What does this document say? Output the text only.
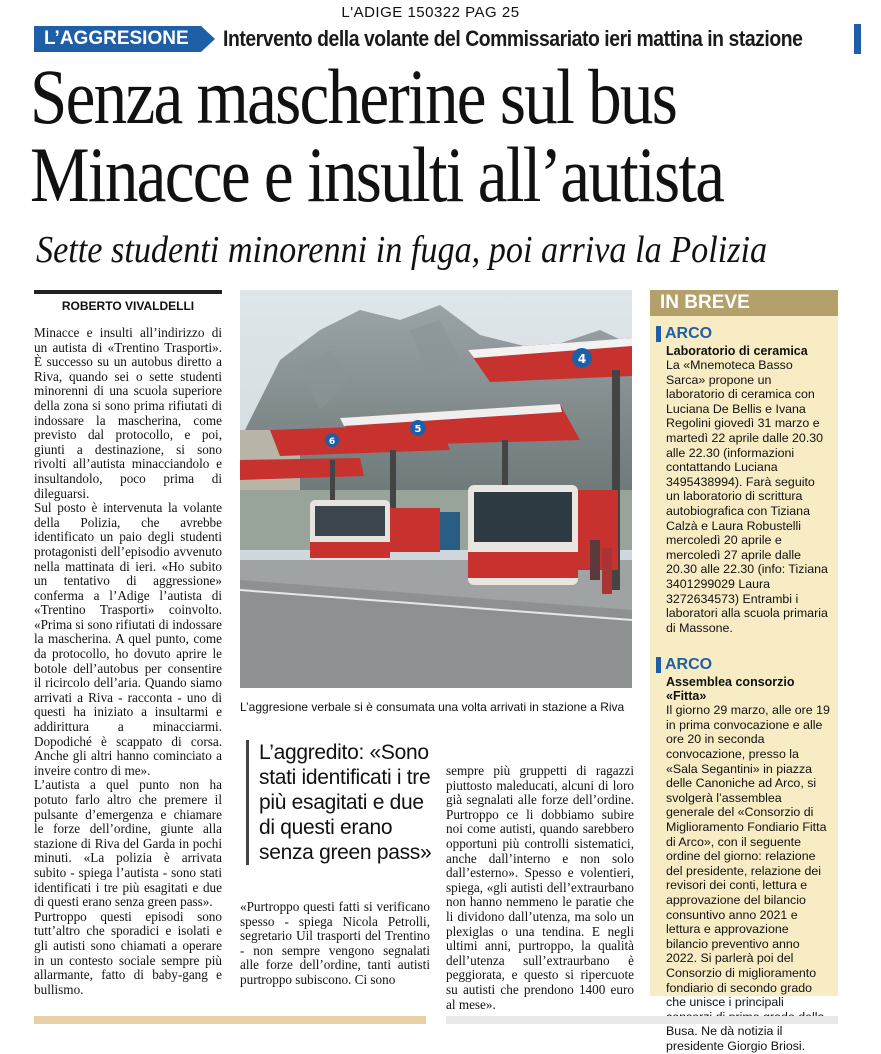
L'ADIGE 150322 PAG 25
L’AGGRESIONE	Intervento della volante del Commissariato ieri mattina in stazione
Senza mascherine sul bus
Minacce e insulti all’autista
Sette studenti minorenni in fuga, poi arriva la Polizia
ROBERTO VIVALDELLI

Minacce e insulti all’indirizzo di un autista di «Trentino Trasporti». È successo su un autobus diretto a Riva, quando sei o sette studenti minorenni di una scuola superiore della zona si sono prima rifiutati di indossare la mascherina, come previsto dal protocollo, e poi, giunti a destinazione, si sono rivolti all’autista minacciandolo e insultandolo, poco prima di dileguarsi.

Sul posto è intervenuta la volante della Polizia, che avrebbe identificato un paio degli studenti protagonisti dell’episodio avvenuto nella mattinata di ieri. «Ho subito un tentativo di aggressione» conferma a l’Adige l’autista di «Trentino Trasporti» coinvolto. «Prima si sono rifiutati di indossare la mascherina. A quel punto, come da protocollo, ho dovuto aprire le botole dell’autobus per consentire il ricircolo dell’aria. Quando siamo arrivati a Riva - racconta - uno di questi ha iniziato a insultarmi e addirittura a minacciarmi. Dopodiché è scappato di corsa. Anche gli altri hanno cominciato a inveire contro di me».

L’autista a quel punto non ha potuto farlo altro che premere il pulsante d’emergenza e chiamare le forze dell’ordine, giunte alla stazione di Riva del Garda in pochi minuti. «La polizia è arrivata subito - spiega l’autista - sono stati identificati i tre più esagitati e due di questi erano senza green pass».

Purtroppo questi episodi sono tutt’altro che sporadici e isolati e gli autisti sono chiamati a operare in un contesto sociale sempre più allarmante, fatto di baby-gang e bullismo.

4
5
6
L’aggresione verbale si è consumata una volta arrivati in stazione a Riva
L’aggredito: «Sono stati identificati i tre più esagitati e due di questi erano senza green pass»

«Purtroppo questi fatti si verificano spesso - spiega Nicola Petrolli, segretario Uil trasporti del Trentino - non sempre vengono segnalati alle forze dell’ordine, tanti autisti purtroppo subiscono. Ci sono

sempre più gruppetti di ragazzi piuttosto maleducati, alcuni di loro già segnalati alle forze dell’ordine. Purtroppo ce li dobbiamo subire noi come autisti, quando sarebbero opportuni più controlli sistematici, anche dall’interno e non solo dall’esterno». Spesso e volentieri, spiega, «gli autisti dell’extraurbano non hanno nemmeno le paratie che li dividono dall’utenza, ma solo un plexiglas o una tendina. E negli ultimi anni, purtroppo, la qualità dell’utenza sull’extraurbano è peggiorata, e questo si ripercuote su autisti che prendono 1400 euro al mese».

IN BREVE
ARCO
Laboratorio di ceramica
La «Mnemoteca Basso Sarca» propone un laboratorio di ceramica con Luciana De Bellis e Ivana Regolini giovedì 31 marzo e martedì 22 aprile dalle 20.30 alle 22.30 (informazioni contattando Luciana 3495438994). Farà seguito un laboratorio di scrittura autobiografica con Tiziana Calzà e Laura Robustelli mercoledì 20 aprile e mercoledì 27 aprile dalle 20.30 alle 22.30 (info: Tiziana 3401299029 Laura 3272634573) Entrambi i laboratori alla scuola primaria di Massone.
ARCO
Assemblea consorzio «Fitta»
Il giorno 29 marzo, alle ore 19 in prima convocazione e alle ore 20 in seconda convocazione, presso la «Sala Segantini» in piazza delle Canoniche ad Arco, si svolgerà l’assemblea generale del «Consorzio di Miglioramento Fondiario Fitta di Arco», con il seguente ordine del giorno: relazione del presidente, relazione dei revisori dei conti, lettura e approvazione del bilancio consuntivo anno 2021 e lettura e approvazione bilancio preventivo anno 2022. Si parlerà poi del Consorzio di miglioramento fondiario di secondo grado che unisce i principali Busa. Ne dà notizia il presidente Giorgio Briosi.
